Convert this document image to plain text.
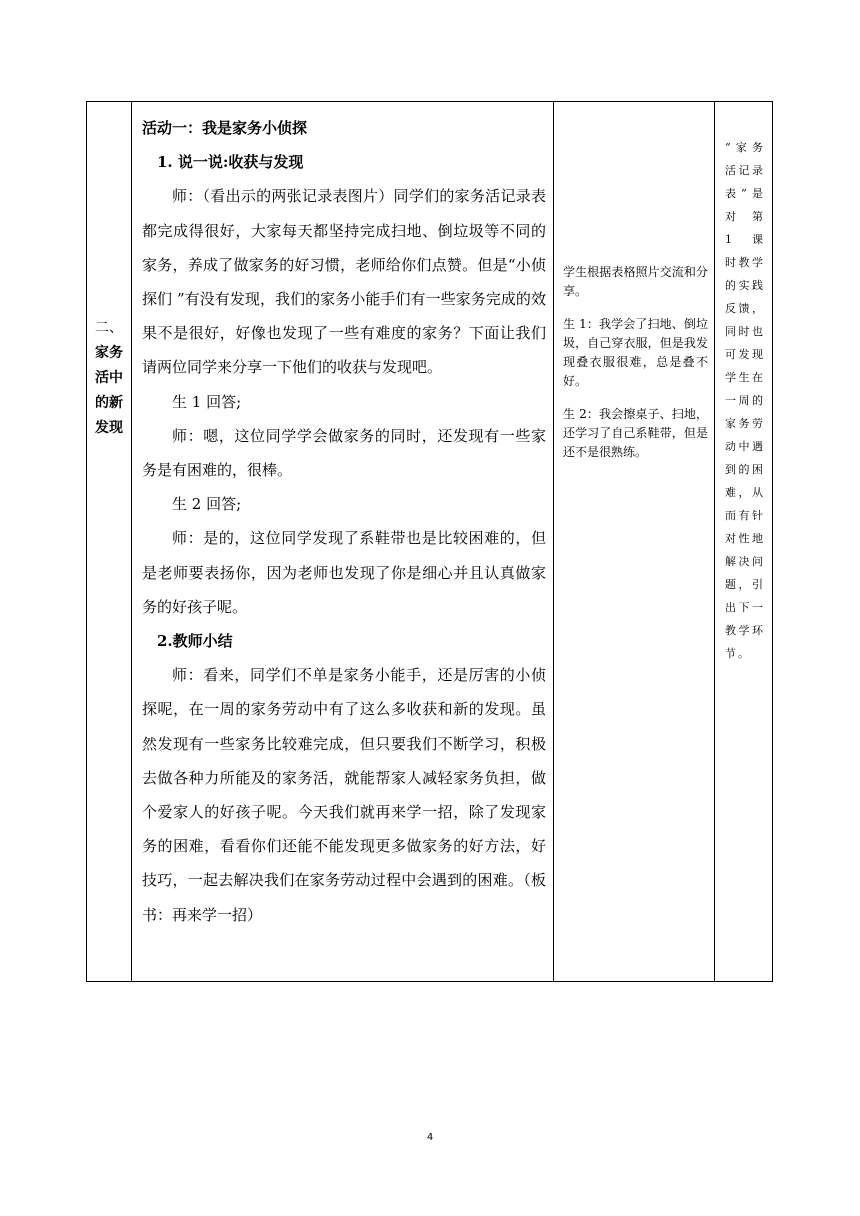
二、
家务
活中
的新
发现
活动一：我是家务小侦探
1. 说一说:收获与发现
师：（看出示的两张记录表图片）同学们的家务活记录表都完成得很好，大家每天都坚持完成扫地、倒垃圾等不同的家务，养成了做家务的好习惯，老师给你们点赞。但是“小侦探们 ”有没有发现，我们的家务小能手们有一些家务完成的效果不是很好，好像也发现了一些有难度的家务？下面让我们请两位同学来分享一下他们的收获与发现吧。
生 1 回答;
师：嗯，这位同学学会做家务的同时，还发现有一些家务是有困难的，很棒。
生 2 回答;
师：是的，这位同学发现了系鞋带也是比较困难的，但是老师要表扬你，因为老师也发现了你是细心并且认真做家务的好孩子呢。
2.教师小结
师：看来，同学们不单是家务小能手，还是厉害的小侦探呢，在一周的家务劳动中有了这么多收获和新的发现。虽然发现有一些家务比较难完成，但只要我们不断学习，积极去做各种力所能及的家务活，就能帮家人减轻家务负担，做个爱家人的好孩子呢。今天我们就再来学一招，除了发现家务的困难，看看你们还能不能发现更多做家务的好方法，好技巧，一起去解决我们在家务劳动过程中会遇到的困难。（板书：再来学一招）

学生根据表格照片交流和分享。

生 1：我学会了扫地、倒垃圾，自己穿衣服，但是我发现叠衣服很难，总是叠不好。

生 2：我会擦桌子、扫地，还学习了自己系鞋带，但是还不是很熟练。

“家务活记录表”是对第 1 课时教学的实践反馈，同时也可发现学生在一周的家务劳动中遇到的困难，从而有针对性地解决问题，引出下一教学环节。
4
